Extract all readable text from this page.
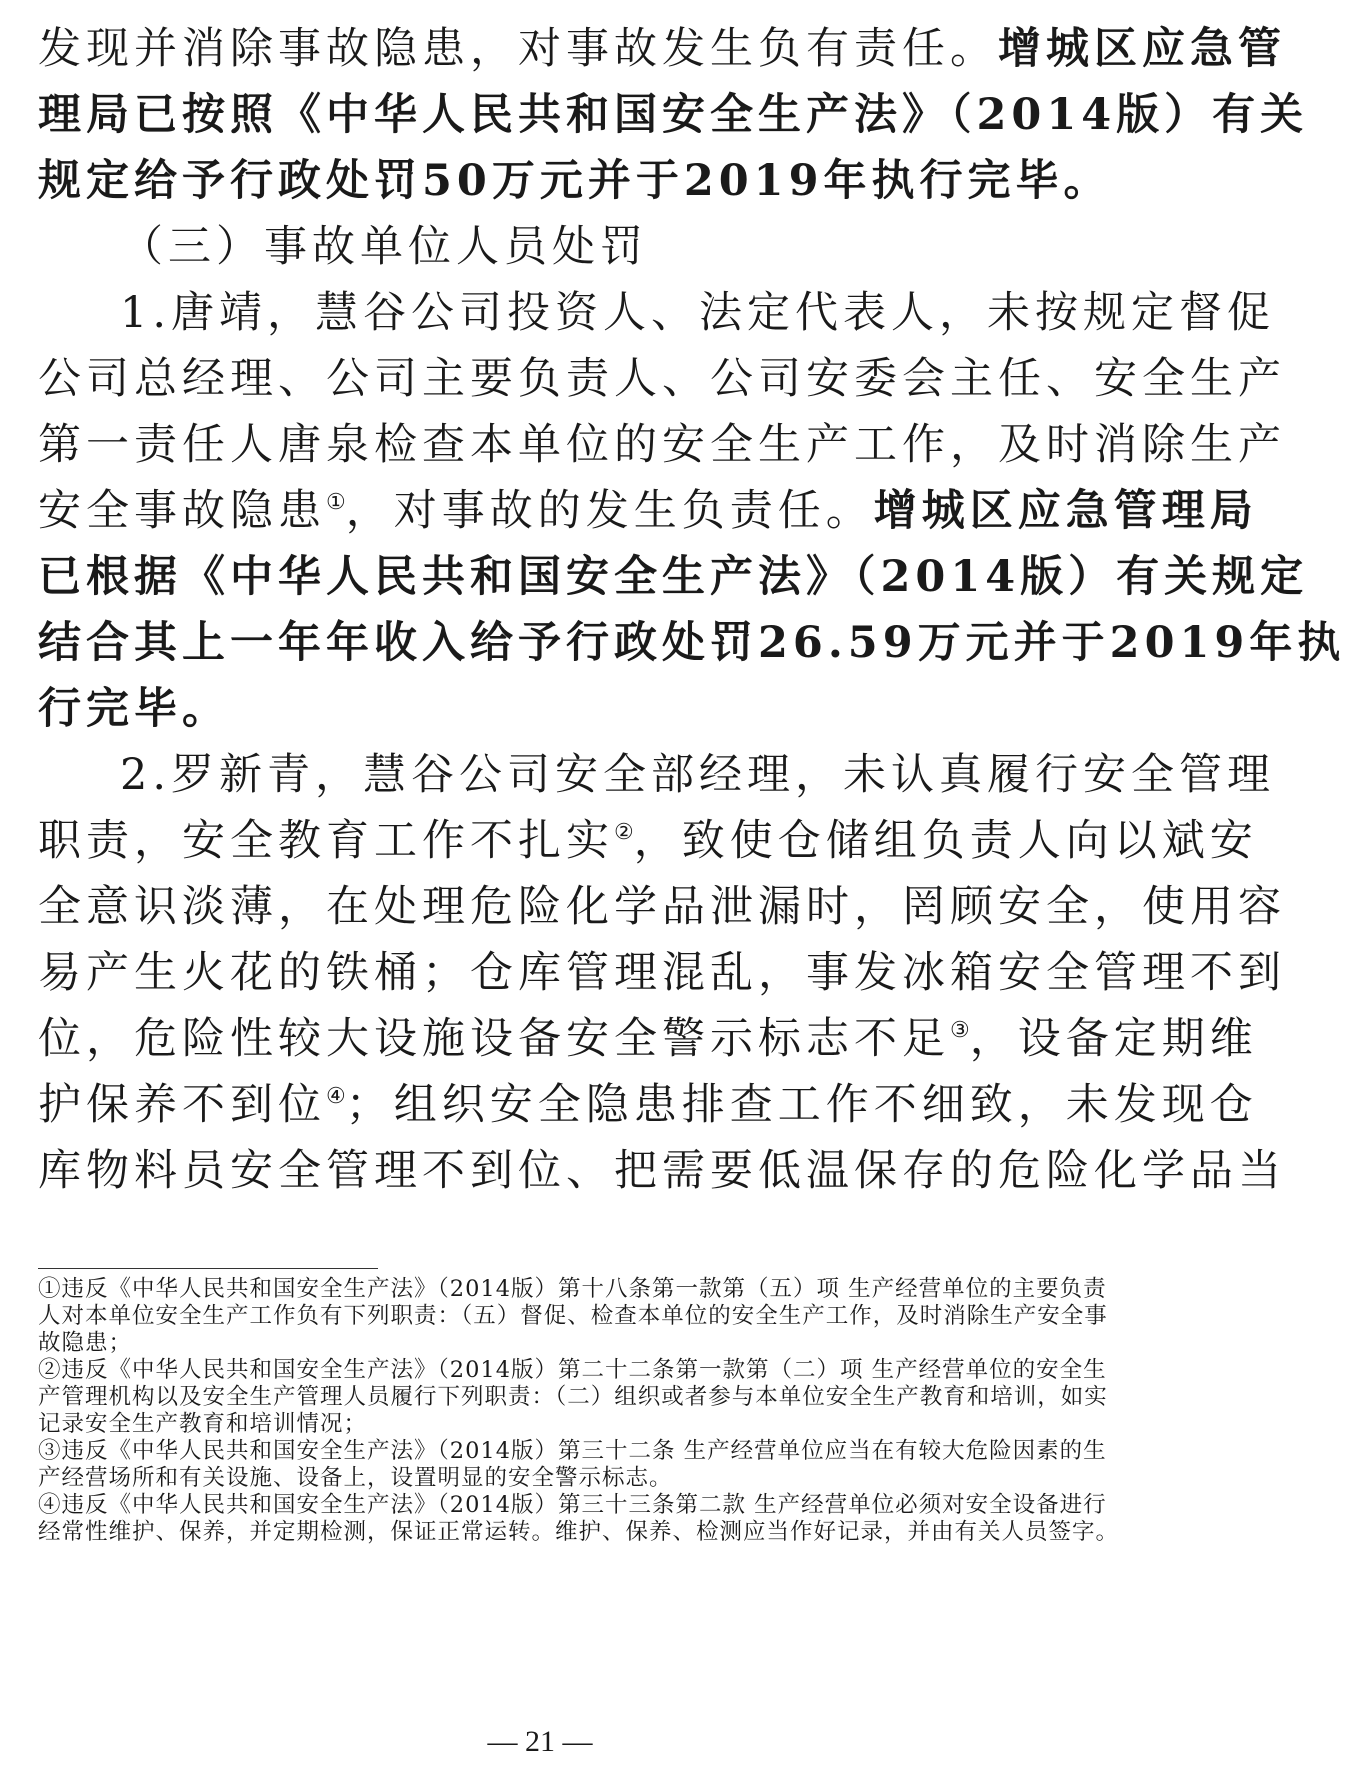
发现并消除事故隐患，对事故发生负有责任。增城区应急管
理局已按照《中华人民共和国安全生产法》（2014版）有关
规定给予行政处罚50万元并于2019年执行完毕。
（三）事故单位人员处罚
1.唐靖，慧谷公司投资人、法定代表人，未按规定督促
公司总经理、公司主要负责人、公司安委会主任、安全生产
第一责任人唐泉检查本单位的安全生产工作，及时消除生产
安全事故隐患①，对事故的发生负责任。增城区应急管理局
已根据《中华人民共和国安全生产法》（2014版）有关规定
结合其上一年年收入给予行政处罚26.59万元并于2019年执
行完毕。
2.罗新青，慧谷公司安全部经理，未认真履行安全管理
职责，安全教育工作不扎实②，致使仓储组负责人向以斌安
全意识淡薄，在处理危险化学品泄漏时，罔顾安全，使用容
易产生火花的铁桶；仓库管理混乱，事发冰箱安全管理不到
位，危险性较大设施设备安全警示标志不足③，设备定期维
护保养不到位④；组织安全隐患排查工作不细致，未发现仓
库物料员安全管理不到位、把需要低温保存的危险化学品当
①违反《中华人民共和国安全生产法》（2014版）第十八条第一款第（五）项 生产经营单位的主要负责
人对本单位安全生产工作负有下列职责：（五）督促、检查本单位的安全生产工作，及时消除生产安全事
故隐患；
②违反《中华人民共和国安全生产法》（2014版）第二十二条第一款第（二）项 生产经营单位的安全生
产管理机构以及安全生产管理人员履行下列职责：（二）组织或者参与本单位安全生产教育和培训，如实
记录安全生产教育和培训情况；
③违反《中华人民共和国安全生产法》（2014版）第三十二条 生产经营单位应当在有较大危险因素的生
产经营场所和有关设施、设备上，设置明显的安全警示标志。
④违反《中华人民共和国安全生产法》（2014版）第三十三条第二款 生产经营单位必须对安全设备进行
经常性维护、保养，并定期检测，保证正常运转。维护、保养、检测应当作好记录，并由有关人员签字。
— 21 —
